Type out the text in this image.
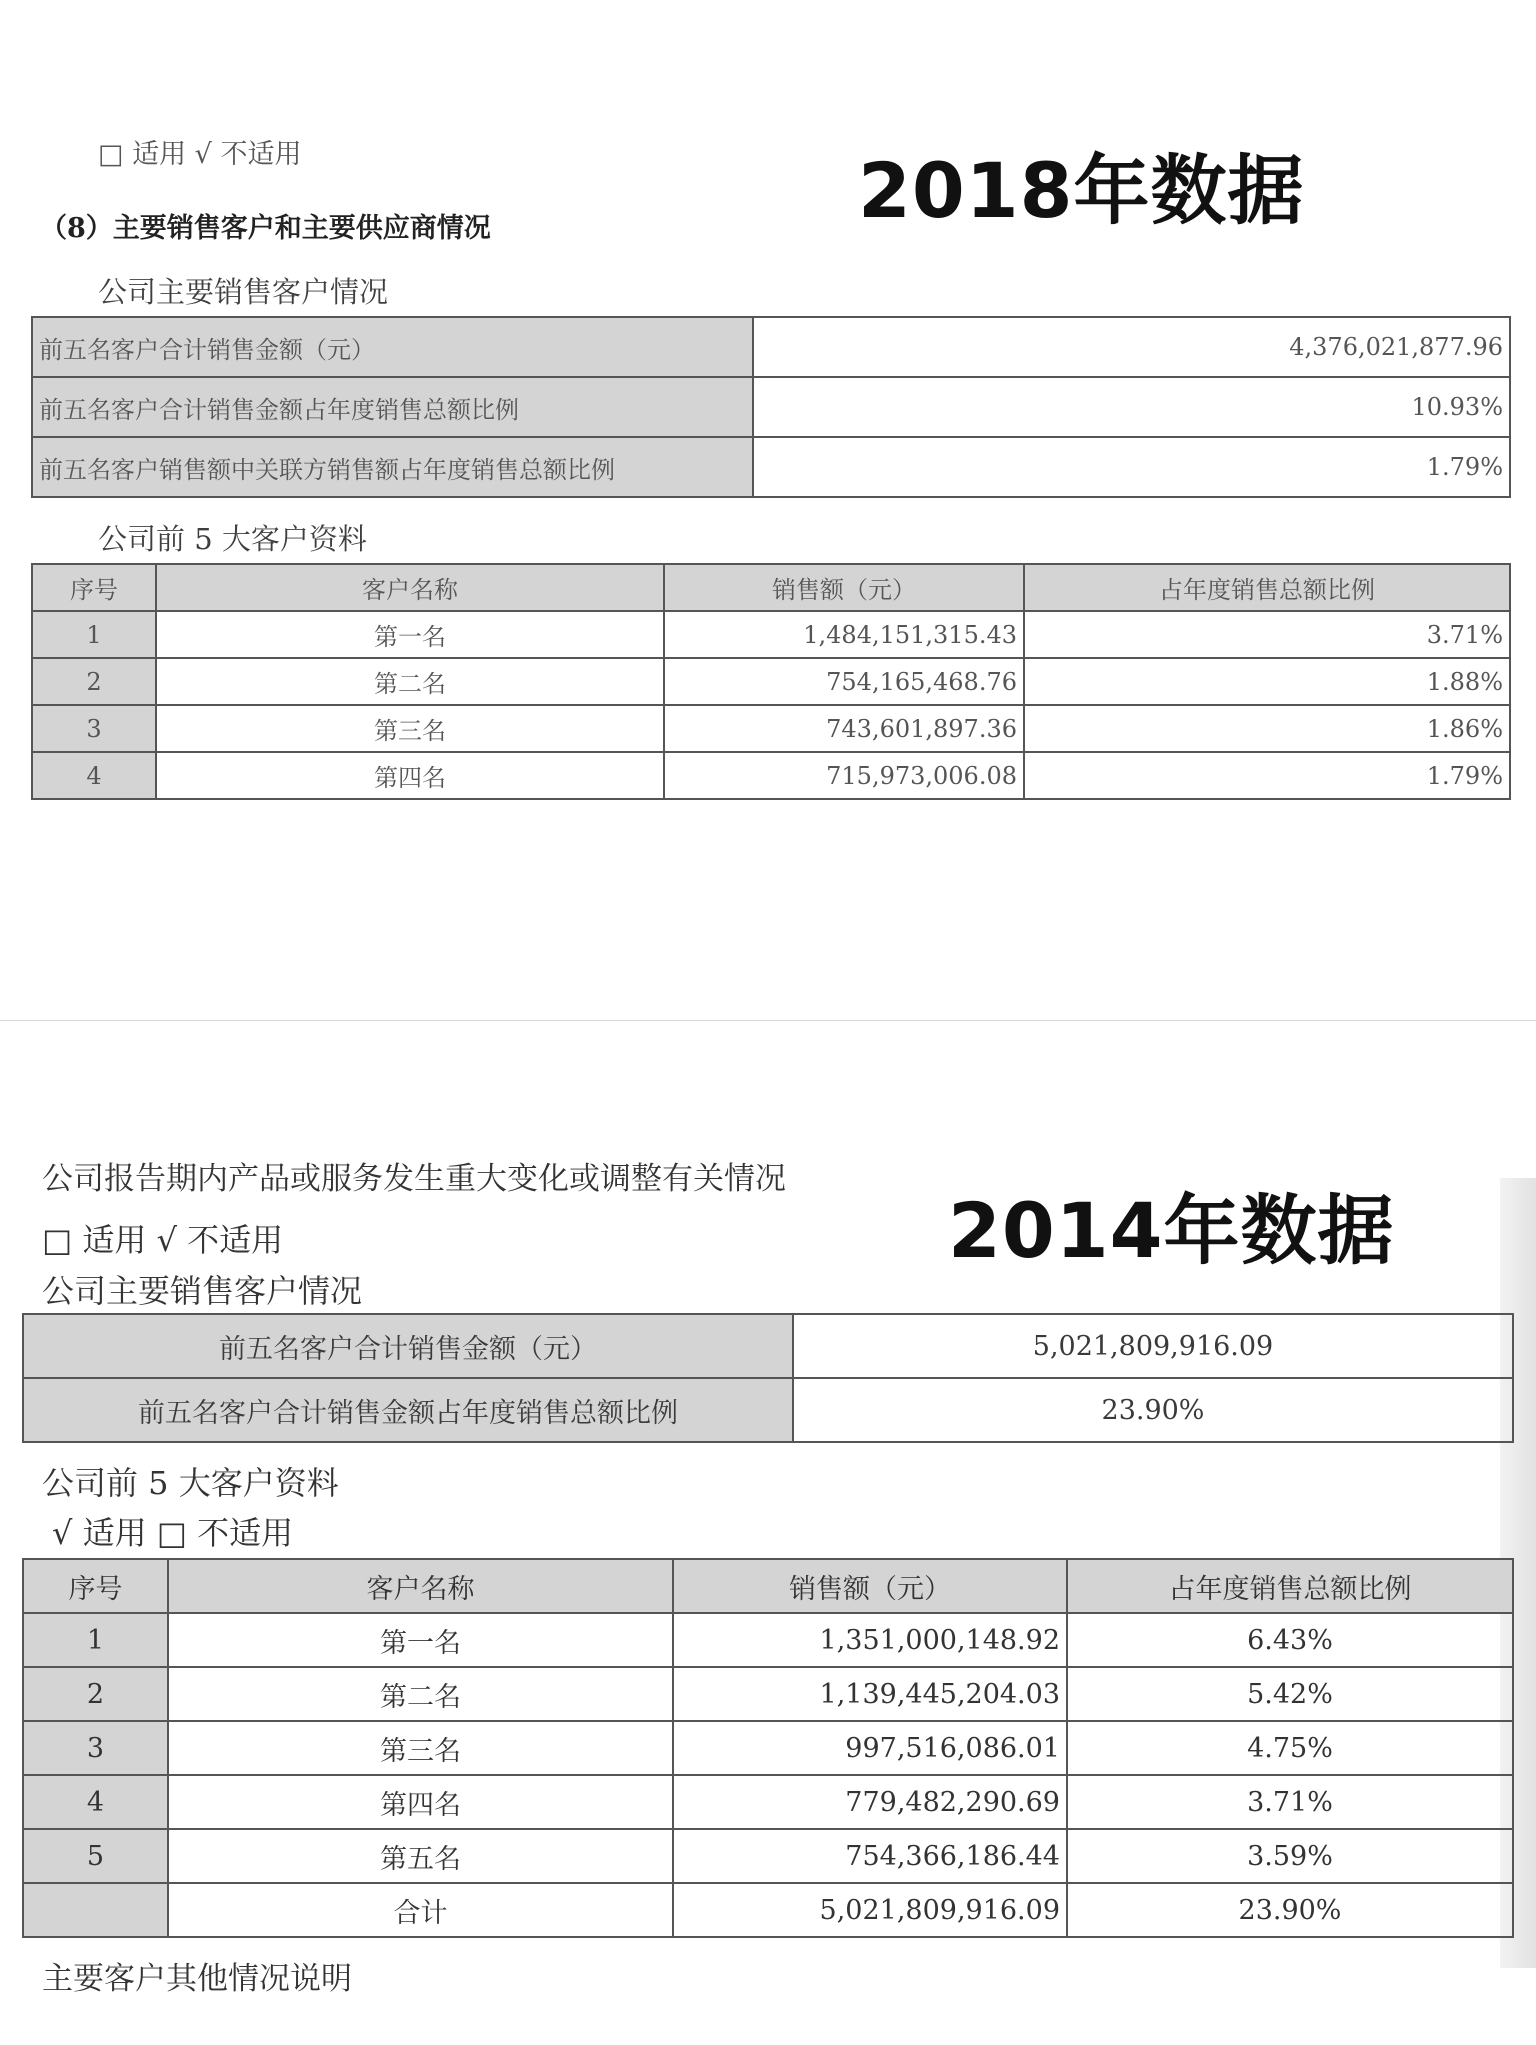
□ 适用 √ 不适用	2018年数据
（8）主要销售客户和主要供应商情况
公司主要销售客户情况
前五名客户合计销售金额（元）	4,376,021,877.96
前五名客户合计销售金额占年度销售总额比例	10.93%
前五名客户销售额中关联方销售额占年度销售总额比例	1.79%
公司前 5 大客户资料
序号	客户名称	销售额（元）	占年度销售总额比例
1	第一名	1,484,151,315.43	3.71%
2	第二名	754,165,468.76	1.88%
3	第三名	743,601,897.36	1.86%
4	第四名	715,973,006.08	1.79%
公司报告期内产品或服务发生重大变化或调整有关情况
2014年数据
□ 适用 √ 不适用
公司主要销售客户情况
前五名客户合计销售金额（元）	5,021,809,916.09
前五名客户合计销售金额占年度销售总额比例	23.90%
公司前 5 大客户资料
√ 适用 □ 不适用
序号	客户名称	销售额（元）	占年度销售总额比例
1	第一名	1,351,000,148.92	6.43%
2	第二名	1,139,445,204.03	5.42%
3	第三名	997,516,086.01	4.75%
4	第四名	779,482,290.69	3.71%
5	第五名	754,366,186.44	3.59%
	合计	5,021,809,916.09	23.90%
主要客户其他情况说明
